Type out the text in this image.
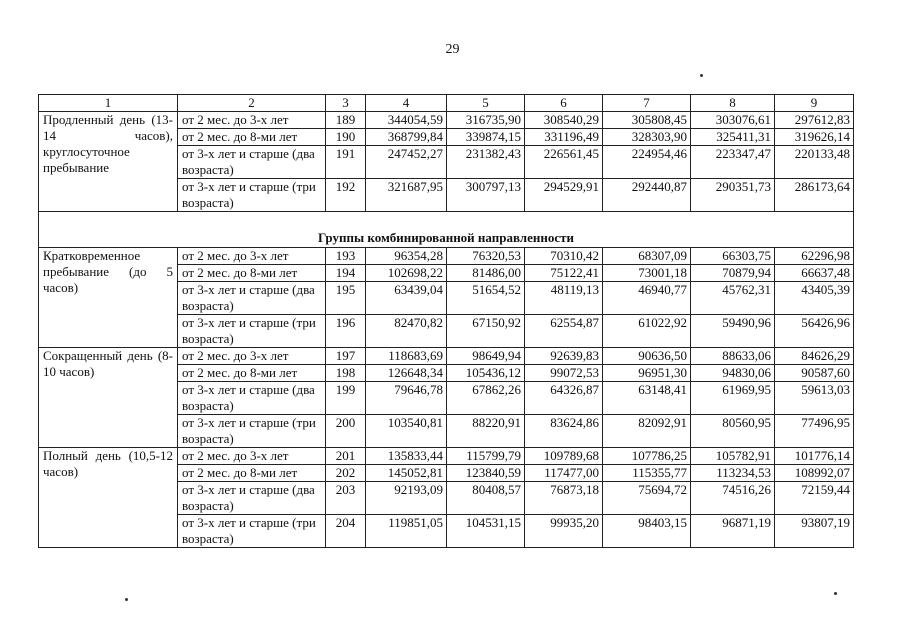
29
1	2	3	4	5	6	7	8	9
Продленный день (13-14 часов), круглосуточное пребывание	от 2 мес. до 3-х лет	189	344054,59	316735,90	308540,29	305808,45	303076,61	297612,83
	от 2 мес. до 8-ми лет	190	368799,84	339874,15	331196,49	328303,90	325411,31	319626,14
	от 3-х лет и старше (два возраста)	191	247452,27	231382,43	226561,45	224954,46	223347,47	220133,48
	от 3-х лет и старше (три возраста)	192	321687,95	300797,13	294529,91	292440,87	290351,73	286173,64
Группы комбинированной направленности								
Кратковременное пребывание (до 5 часов)	от 2 мес. до 3-х лет	193	96354,28	76320,53	70310,42	68307,09	66303,75	62296,98
	от 2 мес. до 8-ми лет	194	102698,22	81486,00	75122,41	73001,18	70879,94	66637,48
	от 3-х лет и старше (два возраста)	195	63439,04	51654,52	48119,13	46940,77	45762,31	43405,39
	от 3-х лет и старше (три возраста)	196	82470,82	67150,92	62554,87	61022,92	59490,96	56426,96
Сокращенный день (8-10 часов)	от 2 мес. до 3-х лет	197	118683,69	98649,94	92639,83	90636,50	88633,06	84626,29
	от 2 мес. до 8-ми лет	198	126648,34	105436,12	99072,53	96951,30	94830,06	90587,60
	от 3-х лет и старше (два возраста)	199	79646,78	67862,26	64326,87	63148,41	61969,95	59613,03
	от 3-х лет и старше (три возраста)	200	103540,81	88220,91	83624,86	82092,91	80560,95	77496,95
Полный день (10,5-12 часов)	от 2 мес. до 3-х лет	201	135833,44	115799,79	109789,68	107786,25	105782,91	101776,14
	от 2 мес. до 8-ми лет	202	145052,81	123840,59	117477,00	115355,77	113234,53	108992,07
	от 3-х лет и старше (два возраста)	203	92193,09	80408,57	76873,18	75694,72	74516,26	72159,44
	от 3-х лет и старше (три возраста)	204	119851,05	104531,15	99935,20	98403,15	96871,19	93807,19
